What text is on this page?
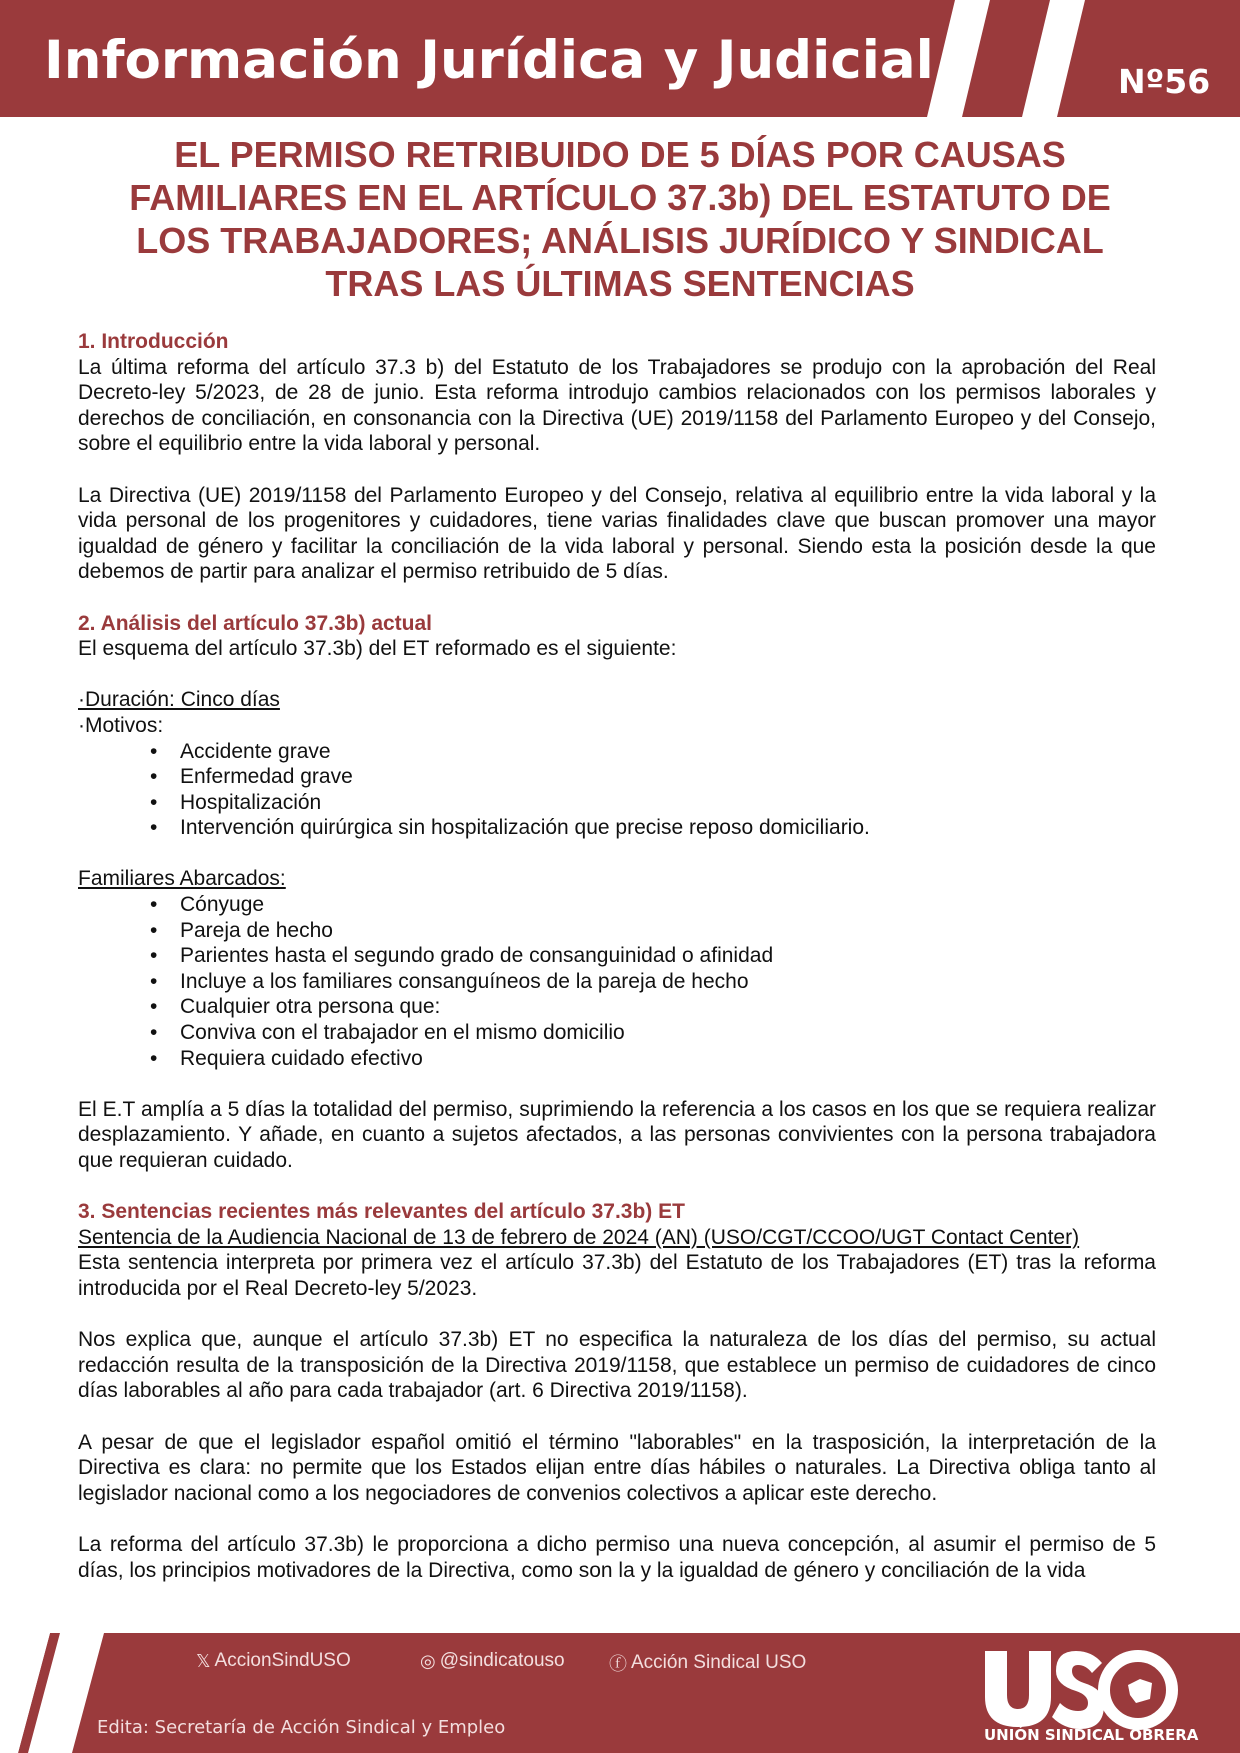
Información Jurídica y Judicial	Nº56
EL PERMISO RETRIBUIDO DE 5 DÍAS POR CAUSAS
FAMILIARES EN EL ARTÍCULO 37.3b) DEL ESTATUTO DE
LOS TRABAJADORES; ANÁLISIS JURÍDICO Y SINDICAL
TRAS LAS ÚLTIMAS SENTENCIAS
1. Introducción

La última reforma del artículo 37.3 b) del Estatuto de los Trabajadores se produjo con la aprobación del Real Decreto-ley 5/2023, de 28 de junio. Esta reforma introdujo cambios relacionados con los permisos laborales y derechos de conciliación, en consonancia con la Directiva (UE) 2019/1158 del Parlamento Europeo y del Consejo, sobre el equilibrio entre la vida laboral y personal.

La Directiva (UE) 2019/1158 del Parlamento Europeo y del Consejo, relativa al equilibrio entre la vida laboral y la vida personal de los progenitores y cuidadores, tiene varias finalidades clave que buscan promover una mayor igualdad de género y facilitar la conciliación de la vida laboral y personal. Siendo esta la posición desde la que debemos de partir para analizar el permiso retribuido de 5 días.

2. Análisis del artículo 37.3b) actual

El esquema del artículo 37.3b) del ET reformado es el siguiente:

·Duración: Cinco días
·Motivos:
• Accidente grave
• Enfermedad grave
• Hospitalización
• Intervención quirúrgica sin hospitalización que precise reposo domiciliario.
Familiares Abarcados:
• Cónyuge
• Pareja de hecho
• Parientes hasta el segundo grado de consanguinidad o afinidad
• Incluye a los familiares consanguíneos de la pareja de hecho
• Cualquier otra persona que:
• Conviva con el trabajador en el mismo domicilio
• Requiera cuidado efectivo

El E.T amplía a 5 días la totalidad del permiso, suprimiendo la referencia a los casos en los que se requiera realizar desplazamiento. Y añade, en cuanto a sujetos afectados, a las personas convivientes con la persona trabajadora que requieran cuidado.

3. Sentencias recientes más relevantes del artículo 37.3b) ET
Sentencia de la Audiencia Nacional de 13 de febrero de 2024 (AN) (USO/CGT/CCOO/UGT Contact Center)

Esta sentencia interpreta por primera vez el artículo 37.3b) del Estatuto de los Trabajadores (ET) tras la reforma introducida por el Real Decreto-ley 5/2023.

Nos explica que, aunque el artículo 37.3b) ET no especifica la naturaleza de los días del permiso, su actual redacción resulta de la transposición de la Directiva 2019/1158, que establece un permiso de cuidadores de cinco días laborables al año para cada trabajador (art. 6 Directiva 2019/1158).

A pesar de que el legislador español omitió el término "laborables" en la trasposición, la interpretación de la Directiva es clara: no permite que los Estados elijan entre días hábiles o naturales. La Directiva obliga tanto al legislador nacional como a los negociadores de convenios colectivos a aplicar este derecho.

La reforma del artículo 37.3b) le proporciona a dicho permiso una nueva concepción, al asumir el permiso de 5 días, los principios motivadores de la Directiva, como son la y la igualdad de género y conciliación de la vida

𝕏 AccionSindUSO	◎ @sindicatouso ⓕ Acción Sindical USO
Edita: Secretaría de Acción Sindical y Empleo	UNIÓN SINDICAL OBRERA
